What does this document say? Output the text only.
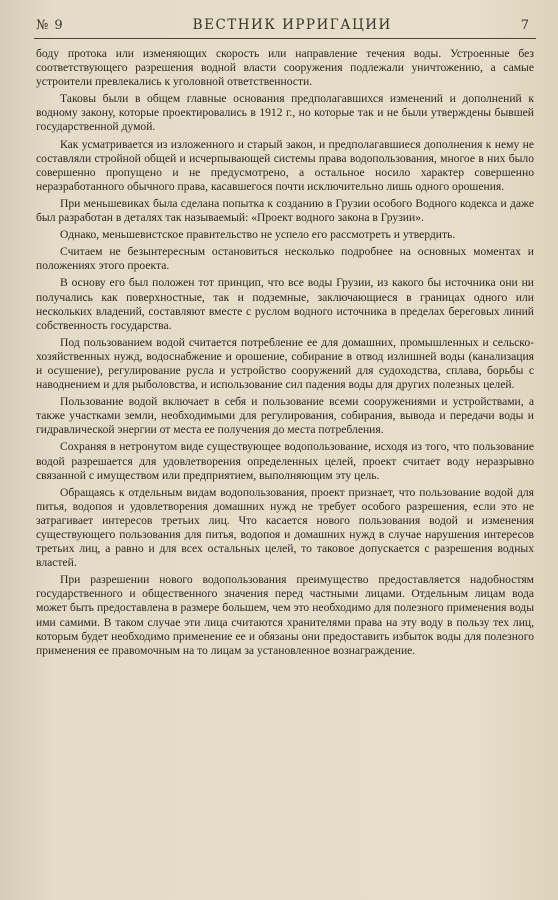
№ 9	ВЕСТНИК ИРРИГАЦИИ	7

боду протока или изменяющих скорость или направление течения воды. Устроенные без соответствующего разрешения водной власти сооружения подлежали уничтожению, а самые устроители превлекались к уголовной ответственности.

Таковы были в общем главные основания предполагавшихся изменений и дополнений к водному закону, которые проектировались в 1912 г., но которые так и не были утверждены бывшей государственной думой.

Как усматривается из изложенного и старый закон, и предполагавшиеся дополнения к нему не составляли стройной общей и исчерпывающей системы права водопользования, многое в них было совершенно пропущено и не предусмотрено, а остальное носило характер совершенно неразработанного обычного права, касавшегося почти исключительно лишь одного орошения.

При меньшевиках была сделана попытка к созданию в Грузии особого Водного кодекса и даже был разработан в деталях так называемый: «Проект водного закона в Грузии».

Однако, меньшевистское правительство не успело его рассмотреть и утвердить.

Считаем не безынтересным остановиться несколько подробнее на основных моментах и положениях этого проекта.

В основу его был положен тот принцип, что все воды Грузии, из какого бы источника они ни получались как поверхностные, так и подземные, заключающиеся в границах одного или нескольких владений, составляют вместе с руслом водного источника в пределах береговых линий собственность государства.

Под пользованием водой считается потребление ее для домашних, промышленных и сельско-хозяйственных нужд, водоснабжение и орошение, собирание в отвод излишней воды (канализация и осушение), регулирование русла и устройство сооружений для судоходства, сплава, борьбы с наводнением и для рыболовства, и использование сил падения воды для других полезных целей.

Пользование водой включает в себя и пользование всеми сооружениями и устройствами, а также участками земли, необходимыми для регулирования, собирания, вывода и передачи воды и гидравлической энергии от места ее получения до места потребления.

Сохраняя в нетронутом виде существующее водопользование, исходя из того, что пользование водой разрешается для удовлетворения определенных целей, проект считает воду неразрывно связанной с имуществом или предприятием, выполняющим эту цель.

Обращаясь к отдельным видам водопользования, проект признает, что пользование водой для питья, водопоя и удовлетворения домашних нужд не требует особого разрешения, если это не затрагивает интересов третьих лиц. Что касается нового пользования водой и изменения существующего пользования для питья, водопоя и домашних нужд в случае нарушения интересов третьих лиц, а равно и для всех остальных целей, то таковое допускается с разрешения водных властей.

При разрешении нового водопользования преимущество предоставляется надобностям государственного и общественного значения перед частными лицами. Отдельным лицам вода может быть предоставлена в размере большем, чем это необходимо для полезного применения воды ими самими. В таком случае эти лица считаются хранителями права на эту воду в пользу тех лиц, которым будет необходимо применение ее и обязаны они предоставить избыток воды для полезного применения ее правомочным на то лицам за установленное вознаграждение.
